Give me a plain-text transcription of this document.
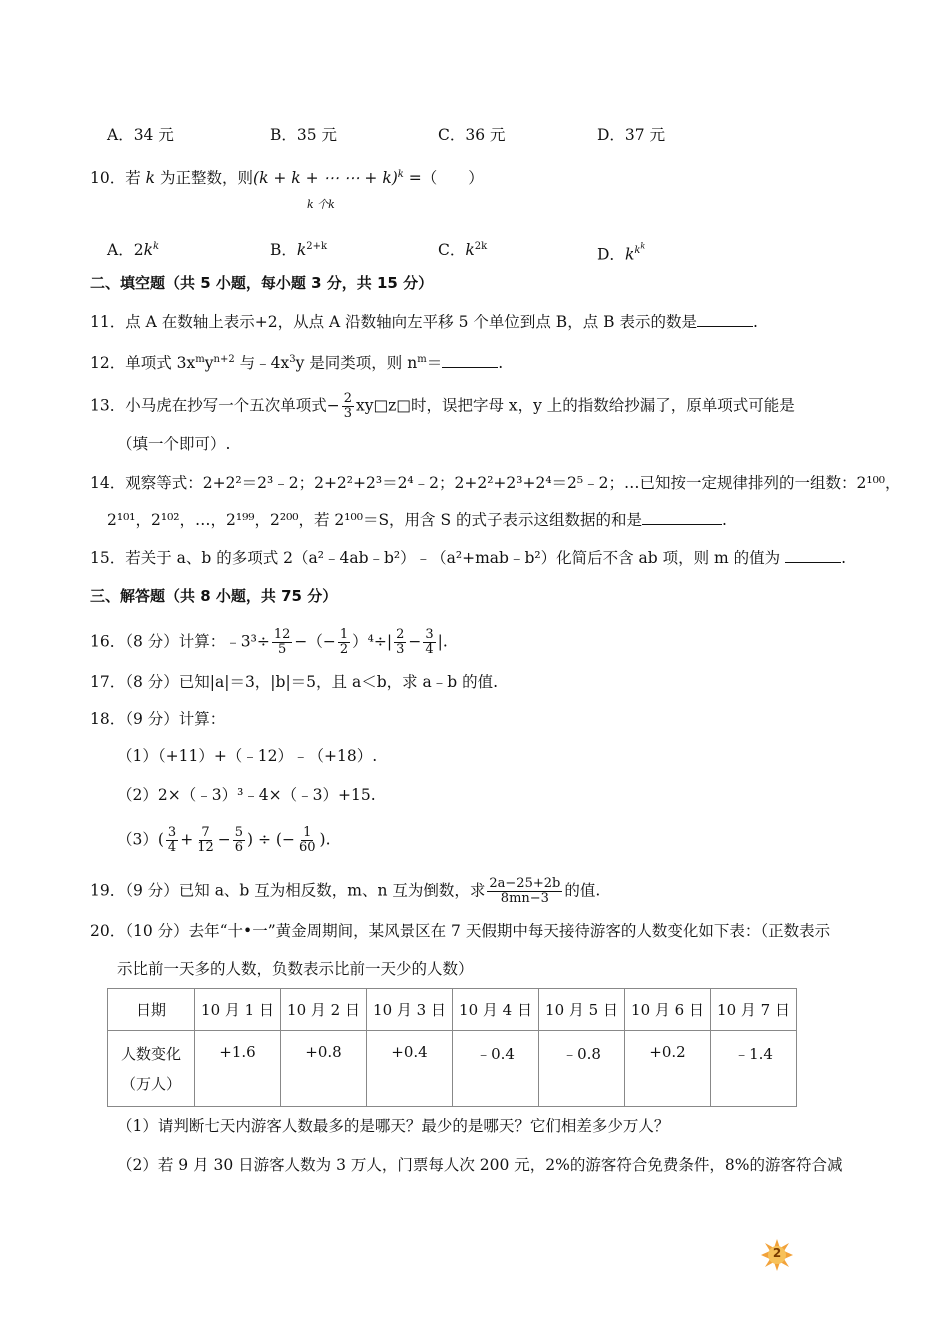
A．34 元	B．35 元	C．36 元	D．37 元
10．若 k 为正整数，则(k + k + ⋯ ⋯ + k)$^k$ =（　　）
k 个k
A．$2k^k$	B．$k^{2+k}$	C．$k^{2k}$	D．$k^{k^k}$
二、填空题（共 5 小题，每小题 3 分，共 15 分）
11．点 A 在数轴上表示+2，从点 A 沿数轴向左平移 5 个单位到点 B，点 B 表示的数是	.
12．单项式 $3x^my^{n+2}$ 与$﹣4x^3y$ 是同类项，则 $n^m=$	.
13．小马虎在抄写一个五次单项式− $\frac{2}{3}$ xy□z□时，误把字母 x，y 上的指数给抄漏了，原单项式可能是
（填一个即可）.
14．观察等式：2+2²＝2³﹣2；2+2²+2³＝2⁴﹣2；2+2²+2³+2⁴＝2⁵﹣2；…已知按一定规律排列的一组数：2¹⁰⁰，
2¹⁰¹，2¹⁰²，…，2¹⁹⁹，2²⁰⁰，若 2¹⁰⁰＝S，用含 S 的式子表示这组数据的和是	.
15．若关于 a、b 的多项式 2（a²﹣4ab﹣b²）﹣（a²+mab﹣b²）化简后不含 ab 项，则 m 的值为	.
三、解答题（共 8 小题，共 75 分）
16．（8 分）计算：﹣3³÷ $\frac{12}{5}$ −（− $\frac{1}{2} )^4\div| \frac{2}{3} - \frac{3}{4}$ |.
17．（8 分）已知|a|＝3，|b|＝5，且 a＜b，求 a﹣b 的值.
18．（9 分）计算：
（1）（+11）+（﹣12）﹣（+18）.
（2）2×（﹣3）³﹣4×（﹣3）+15.
$(3)( \frac{3}{4} + \frac{7}{12} - \frac{5}{6}$ ) ÷ (− $\frac{1}{60}$ ).
19．（9 分）已知 a、b 互为相反数，m、n 互为倒数，求 $\frac{2a-25+2b}{8mn-3}$ 的值.
20．（10 分）去年“十•一”黄金周期间，某风景区在 7 天假期中每天接待游客的人数变化如下表：（正数表示
示比前一天多的人数，负数表示比前一天少的人数）
日期	10 月 1 日	10 月 2 日	10 月 3 日	10 月 4 日	10 月 5 日	10 月 6 日	10 月 7 日
人数变化
（万人）	+1.6	+0.8	+0.4	﹣0.4	﹣0.8	+0.2	﹣1.4
（1）请判断七天内游客人数最多的是哪天？最少的是哪天？它们相差多少万人？
（2）若 9 月 30 日游客人数为 3 万人，门票每人次 200 元，2%的游客符合免费条件，8%的游客符合减
2
